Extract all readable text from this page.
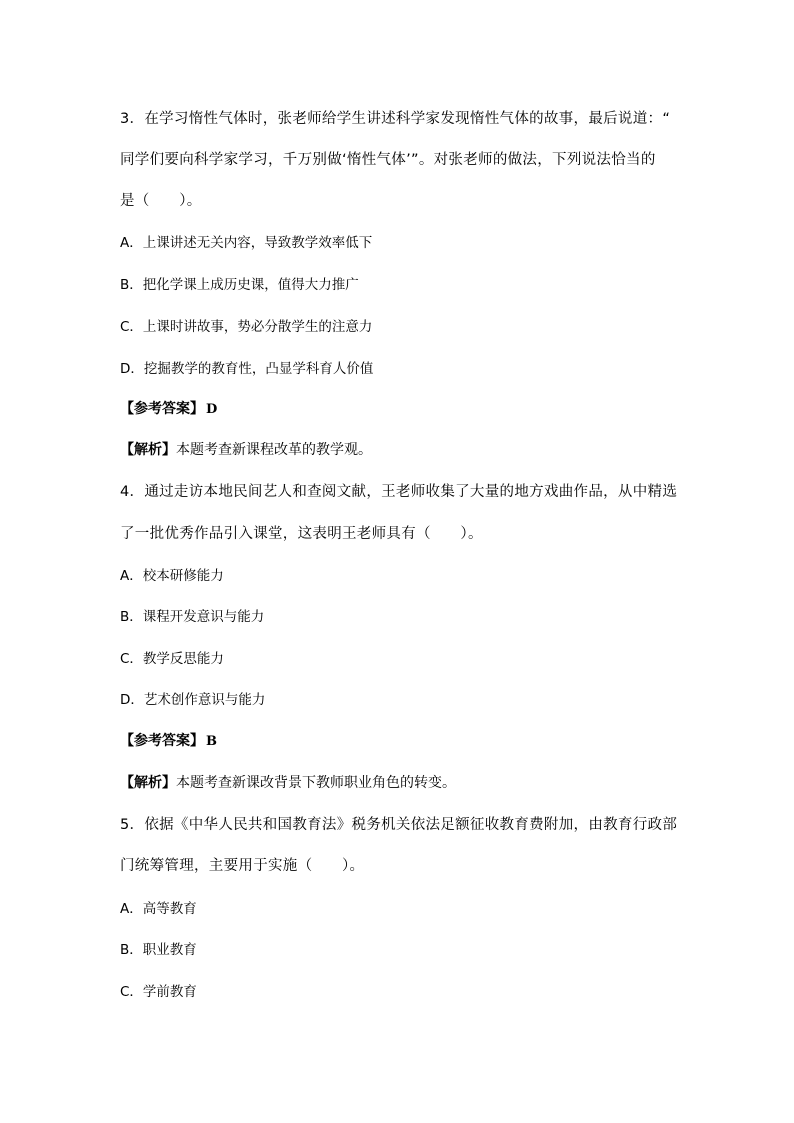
3．在学习惰性气体时，张老师给学生讲述科学家发现惰性气体的故事，最后说道：“
同学们要向科学家学习，千万别做‘惰性气体’”。对张老师的做法，下列说法恰当的
是（　　）。
A．上课讲述无关内容，导致教学效率低下
B．把化学课上成历史课，值得大力推广
C．上课时讲故事，势必分散学生的注意力
D．挖掘教学的教育性，凸显学科育人价值
【参考答案】 D
【解析】本题考查新课程改革的教学观。
4．通过走访本地民间艺人和查阅文献，王老师收集了大量的地方戏曲作品，从中精选
了一批优秀作品引入课堂，这表明王老师具有（　　）。
A．校本研修能力
B．课程开发意识与能力
C．教学反思能力
D．艺术创作意识与能力
【参考答案】 B
【解析】本题考查新课改背景下教师职业角色的转变。
5．依据《中华人民共和国教育法》税务机关依法足额征收教育费附加，由教育行政部
门统筹管理，主要用于实施（　　）。
A．高等教育
B．职业教育
C．学前教育
